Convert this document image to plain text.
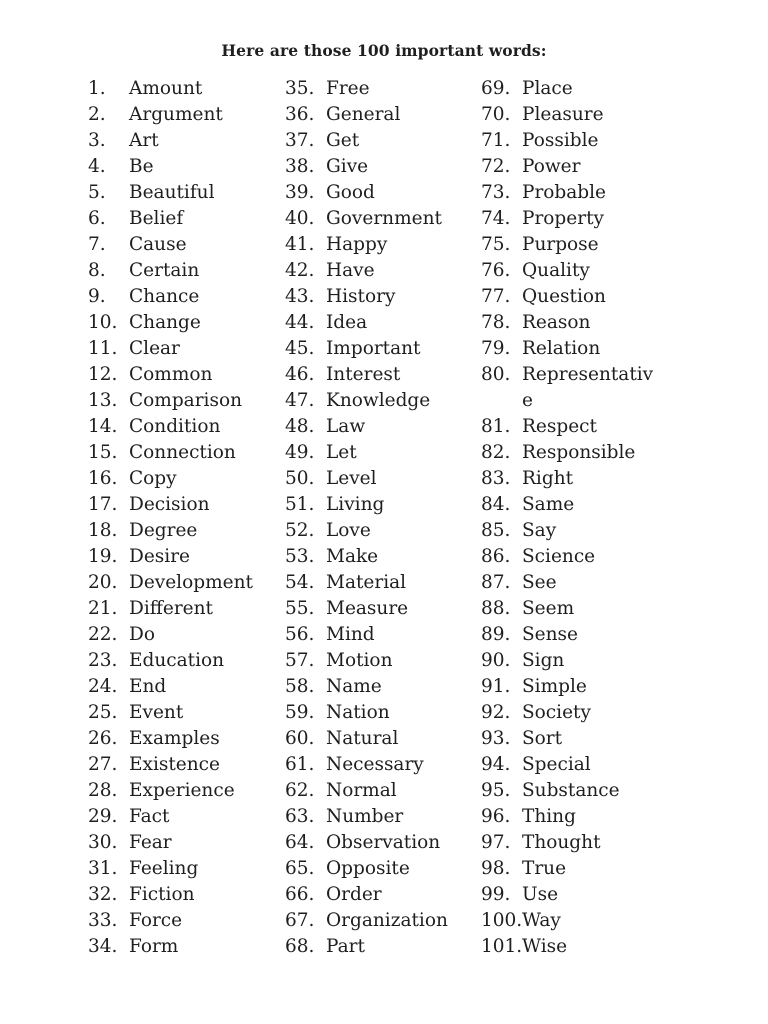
Here are those 100 important words:
1. Amount
2. Argument
3. Art
4. Be
5. Beautiful
6. Belief
7. Cause
8. Certain
9. Chance
10. Change
11. Clear
12. Common
13. Comparison
14. Condition
15. Connection
16. Copy
17. Decision
18. Degree
19. Desire
20. Development
21. Different
22. Do
23. Education
24. End
25. Event
26. Examples
27. Existence
28. Experience
29. Fact
30. Fear
31. Feeling
32. Fiction
33. Force
34. Form
35. Free
36. General
37. Get
38. Give
39. Good
40. Government
41. Happy
42. Have
43. History
44. Idea
45. Important
46. Interest
47. Knowledge
48. Law
49. Let
50. Level
51. Living
52. Love
53. Make
54. Material
55. Measure
56. Mind
57. Motion
58. Name
59. Nation
60. Natural
61. Necessary
62. Normal
63. Number
64. Observation
65. Opposite
66. Order
67. Organization
68. Part
69. Place
70. Pleasure
71. Possible
72. Power
73. Probable
74. Property
75. Purpose
76. Quality
77. Question
78. Reason
79. Relation
80. Representativ
e
81. Respect
82. Responsible
83. Right
84. Same
85. Say
86. Science
87. See
88. Seem
89. Sense
90. Sign
91. Simple
92. Society
93. Sort
94. Special
95. Substance
96. Thing
97. Thought
98. True
99. Use
100. Way
101. Wise
